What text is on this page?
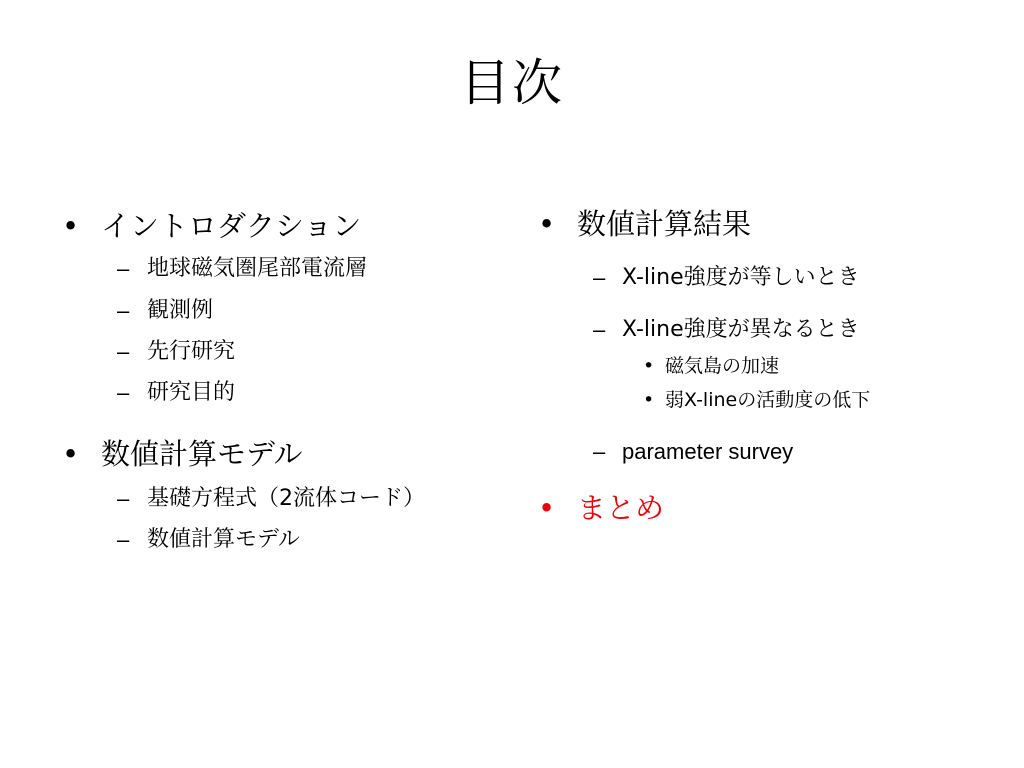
目次
• イントロダクション
– 地球磁気圏尾部電流層
– 観測例
– 先行研究
– 研究目的
• 数値計算モデル
– 基礎方程式（2流体コード）
– 数値計算モデル
• 数値計算結果
– X-line強度が等しいとき
– X-line強度が異なるとき
• 磁気島の加速
• 弱X-lineの活動度の低下
– parameter survey
• まとめ
